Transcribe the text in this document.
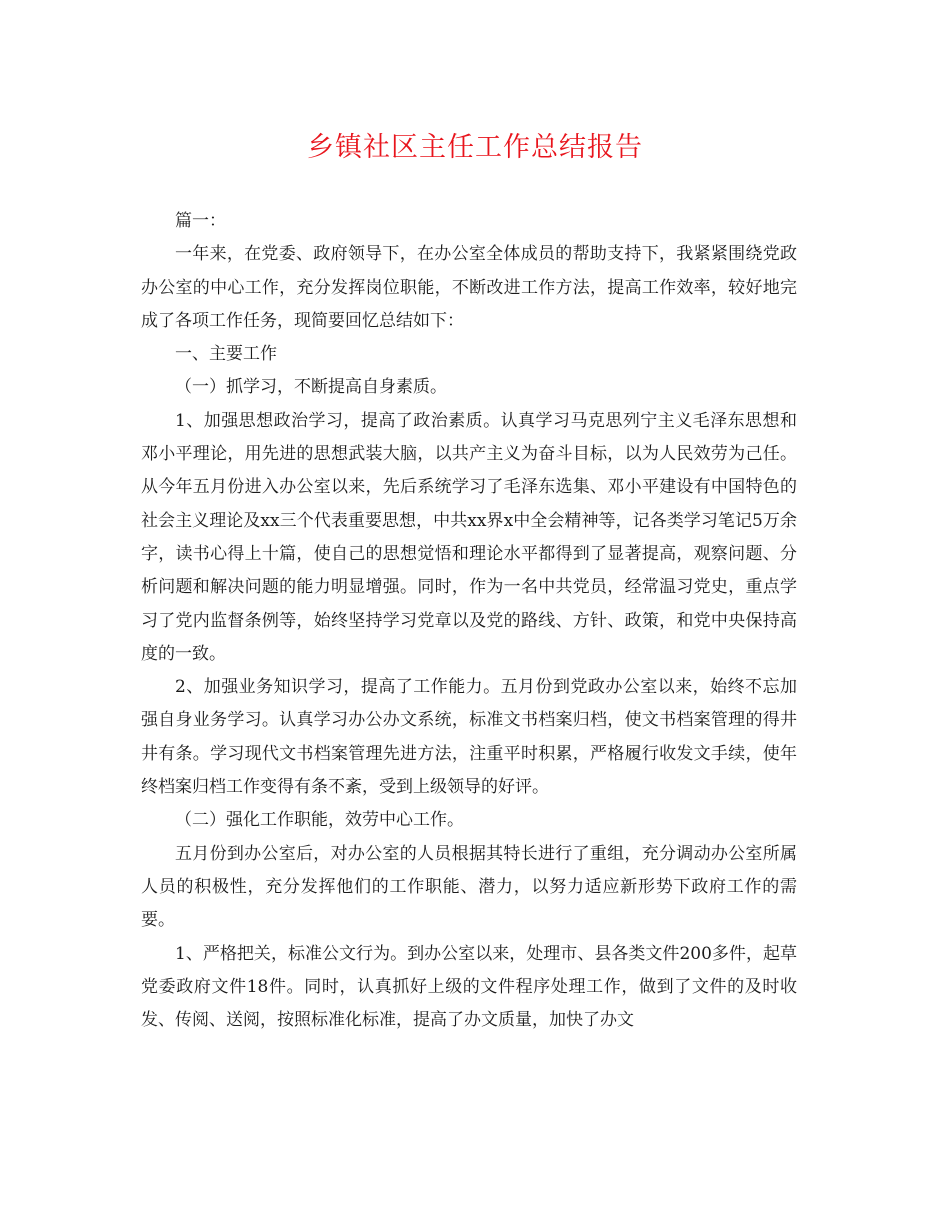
乡镇社区主任工作总结报告

篇一：

一年来，在党委、政府领导下，在办公室全体成员的帮助支持下，我紧紧围绕党政办公室的中心工作，充分发挥岗位职能，不断改进工作方法，提高工作效率，较好地完成了各项工作任务，现简要回忆总结如下：

一、主要工作

（一）抓学习，不断提高自身素质。

1、加强思想政治学习，提高了政治素质。认真学习马克思列宁主义毛泽东思想和邓小平理论，用先进的思想武装大脑，以共产主义为奋斗目标，以为人民效劳为己任。从今年五月份进入办公室以来，先后系统学习了毛泽东选集、邓小平建设有中国特色的社会主义理论及xx三个代表重要思想，中共xx界x中全会精神等，记各类学习笔记5万余字，读书心得上十篇，使自己的思想觉悟和理论水平都得到了显著提高，观察问题、分析问题和解决问题的能力明显增强。同时，作为一名中共党员，经常温习党史，重点学习了党内监督条例等，始终坚持学习党章以及党的路线、方针、政策，和党中央保持高度的一致。

2、加强业务知识学习，提高了工作能力。五月份到党政办公室以来，始终不忘加强自身业务学习。认真学习办公办文系统，标准文书档案归档，使文书档案管理的得井井有条。学习现代文书档案管理先进方法，注重平时积累，严格履行收发文手续，使年终档案归档工作变得有条不紊，受到上级领导的好评。

（二）强化工作职能，效劳中心工作。

五月份到办公室后，对办公室的人员根据其特长进行了重组，充分调动办公室所属人员的积极性，充分发挥他们的工作职能、潜力，以努力适应新形势下政府工作的需要。

1、严格把关，标准公文行为。到办公室以来，处理市、县各类文件200多件，起草党委政府文件18件。同时，认真抓好上级的文件程序处理工作，做到了文件的及时收发、传阅、送阅，按照标准化标准，提高了办文质量，加快了办文
